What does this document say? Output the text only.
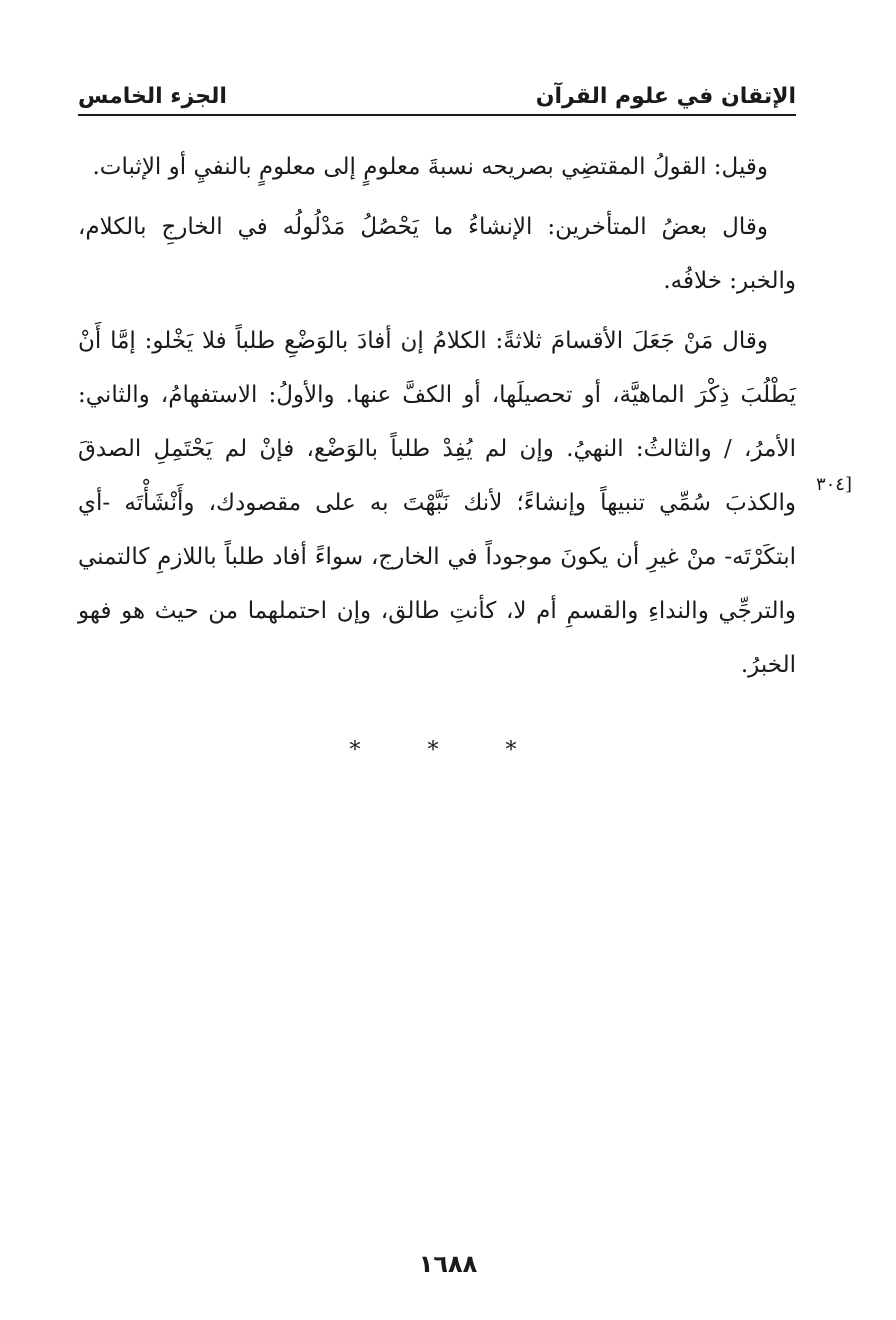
الإتقان في علوم القرآن
الجزء الخامس

وقيل: القولُ المقتضِي بصريحه نسبةَ معلومٍ إلى معلومٍ بالنفيِ أو الإثبات.

وقال بعضُ المتأخرين: الإنشاءُ ما يَحْصُلُ مَدْلُولُه في الخارجِ بالكلام، والخبر: خلافُه.

وقال مَنْ جَعَلَ الأقسامَ ثلاثةً: الكلامُ إن أفادَ بالوَضْعِ طلباً فلا يَخْلو: إمَّا أَنْ يَطْلُبَ ذِكْرَ الماهيَّة، أو تحصيلَها، أو الكفَّ عنها. والأولُ: الاستفهامُ، والثاني: الأمرُ، / والثالثُ: النهيُ. وإن لم يُفِدْ طلباً بالوَضْع، فإنْ لم يَحْتَمِلِ الصدقَ والكذبَ سُمِّي تنبيهاً وإنشاءً؛ لأنك نَبَّهْتَ به على مقصودك، وأَنْشَأْتَه -أي ابتكَرْتَه- منْ غيرِ أن يكونَ موجوداً في الخارج، سواءً أفاد طلباً باللازمِ كالتمني والترجِّي والنداءِ والقسمِ أم لا، كأنتِ طالق، وإن احتملهما من حيث هو فهو الخبرُ.

[٣٠٤
* * *
١٦٨٨
